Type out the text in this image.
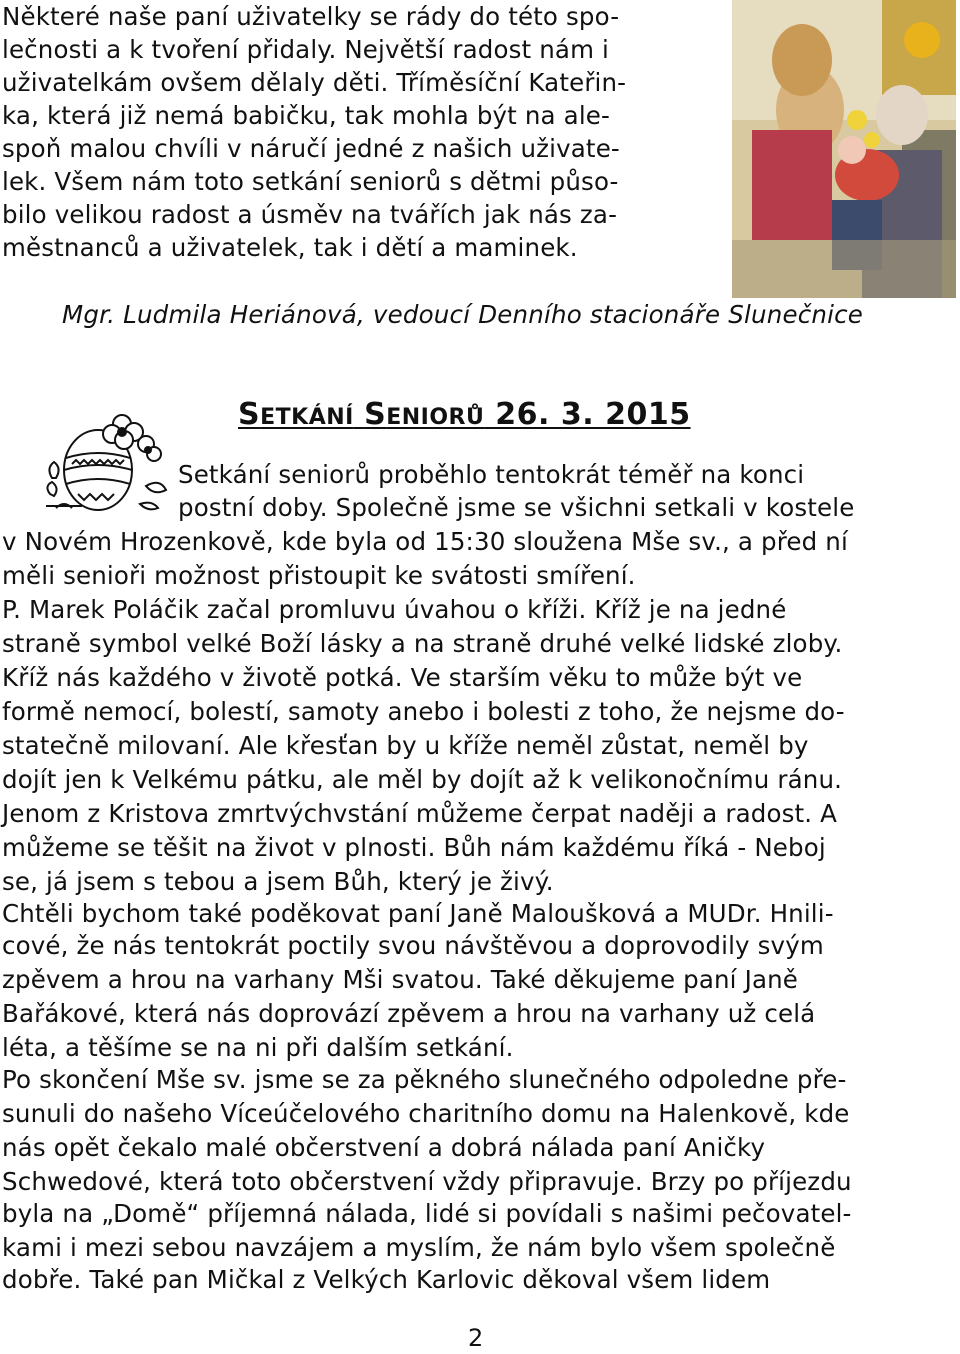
Některé naše paní uživatelky se rády do této spo-
lečnosti a k tvoření přidaly. Největší radost nám i
uživatelkám ovšem dělaly děti. Tříměsíční Kateřin-
ka, která již nemá babičku, tak mohla být na ale-
spoň malou chvíli v náručí jedné z našich uživate-
lek. Všem nám toto setkání seniorů s dětmi půso-
bilo velikou radost a úsměv na tvářích jak nás za-
městnanců a uživatelek, tak i dětí a maminek.
Mgr. Ludmila Heriánová, vedoucí Denního stacionáře Slunečnice
SETKÁNÍ SENIORŮ 26. 3. 2015
Setkání seniorů proběhlo tentokrát téměř na konci
postní doby. Společně jsme se všichni setkali v kostele
v Novém Hrozenkově, kde byla od 15:30 sloužena Mše sv., a před ní
měli senioři možnost přistoupit ke svátosti smíření.
P. Marek Poláčik začal promluvu úvahou o kříži. Kříž je na jedné
straně symbol velké Boží lásky a na straně druhé velké lidské zloby.
Kříž nás každého v životě potká. Ve starším věku to může být ve
formě nemocí, bolestí, samoty anebo i bolesti z toho, že nejsme do-
statečně milovaní. Ale křesťan by u kříže neměl zůstat, neměl by
dojít jen k Velkému pátku, ale měl by dojít až k velikonočnímu ránu.
Jenom z Kristova zmrtvýchvstání můžeme čerpat naději a radost. A
můžeme se těšit na život v plnosti. Bůh nám každému říká - Neboj
se, já jsem s tebou a jsem Bůh, který je živý.
Chtěli bychom také poděkovat paní Janě Maloušková a MUDr. Hnili-
cové, že nás tentokrát poctily svou návštěvou a doprovodily svým
zpěvem a hrou na varhany Mši svatou. Také děkujeme paní Janě
Bařákové, která nás doprovází zpěvem a hrou na varhany už celá
léta, a těšíme se na ni při dalším setkání.
Po skončení Mše sv. jsme se za pěkného slunečného odpoledne pře-
sunuli do našeho Víceúčelového charitního domu na Halenkově, kde
nás opět čekalo malé občerstvení a dobrá nálada paní Aničky
Schwedové, která toto občerstvení vždy připravuje. Brzy po příjezdu
byla na „Domě“ příjemná nálada, lidé si povídali s našimi pečovatel-
kami i mezi sebou navzájem a myslím, že nám bylo všem společně
dobře. Také pan Mičkal z Velkých Karlovic děkoval všem lidem
2
